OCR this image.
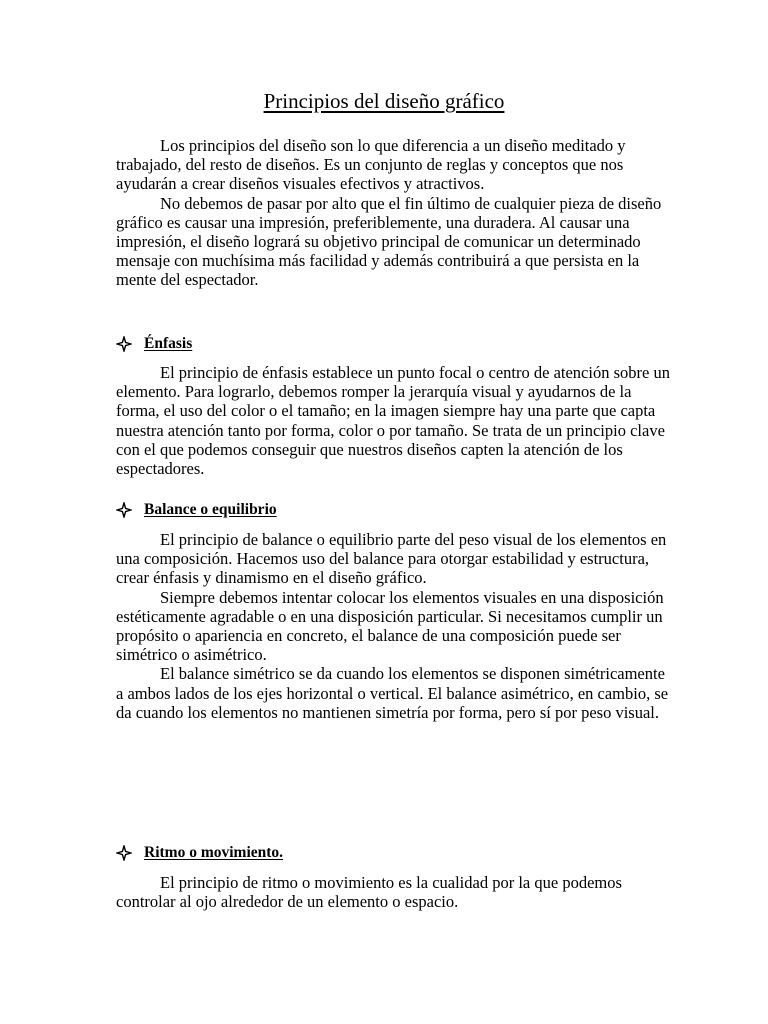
Principios del diseño gráfico

Los principios del diseño son lo que diferencia a un diseño meditado y trabajado, del resto de diseños. Es un conjunto de reglas y conceptos que nos ayudarán a crear diseños visuales efectivos y atractivos.

No debemos de pasar por alto que el fin último de cualquier pieza de diseño gráfico es causar una impresión, preferiblemente, una duradera. Al causar una impresión, el diseño logrará su objetivo principal de comunicar un determinado mensaje con muchísima más facilidad y además contribuirá a que persista en la mente del espectador.

Énfasis

El principio de énfasis establece un punto focal o centro de atención sobre un elemento. Para lograrlo, debemos romper la jerarquía visual y ayudarnos de la forma, el uso del color o el tamaño; en la imagen siempre hay una parte que capta nuestra atención tanto por forma, color o por tamaño. Se trata de un principio clave con el que podemos conseguir que nuestros diseños capten la atención de los espectadores.

Balance o equilibrio

El principio de balance o equilibrio parte del peso visual de los elementos en una composición. Hacemos uso del balance para otorgar estabilidad y estructura, crear énfasis y dinamismo en el diseño gráfico.

Siempre debemos intentar colocar los elementos visuales en una disposición estéticamente agradable o en una disposición particular. Si necesitamos cumplir un propósito o apariencia en concreto, el balance de una composición puede ser simétrico o asimétrico.

El balance simétrico se da cuando los elementos se disponen simétricamente a ambos lados de los ejes horizontal o vertical. El balance asimétrico, en cambio, se da cuando los elementos no mantienen simetría por forma, pero sí por peso visual.

Ritmo o movimiento.

El principio de ritmo o movimiento es la cualidad por la que podemos controlar al ojo alrededor de un elemento o espacio.
